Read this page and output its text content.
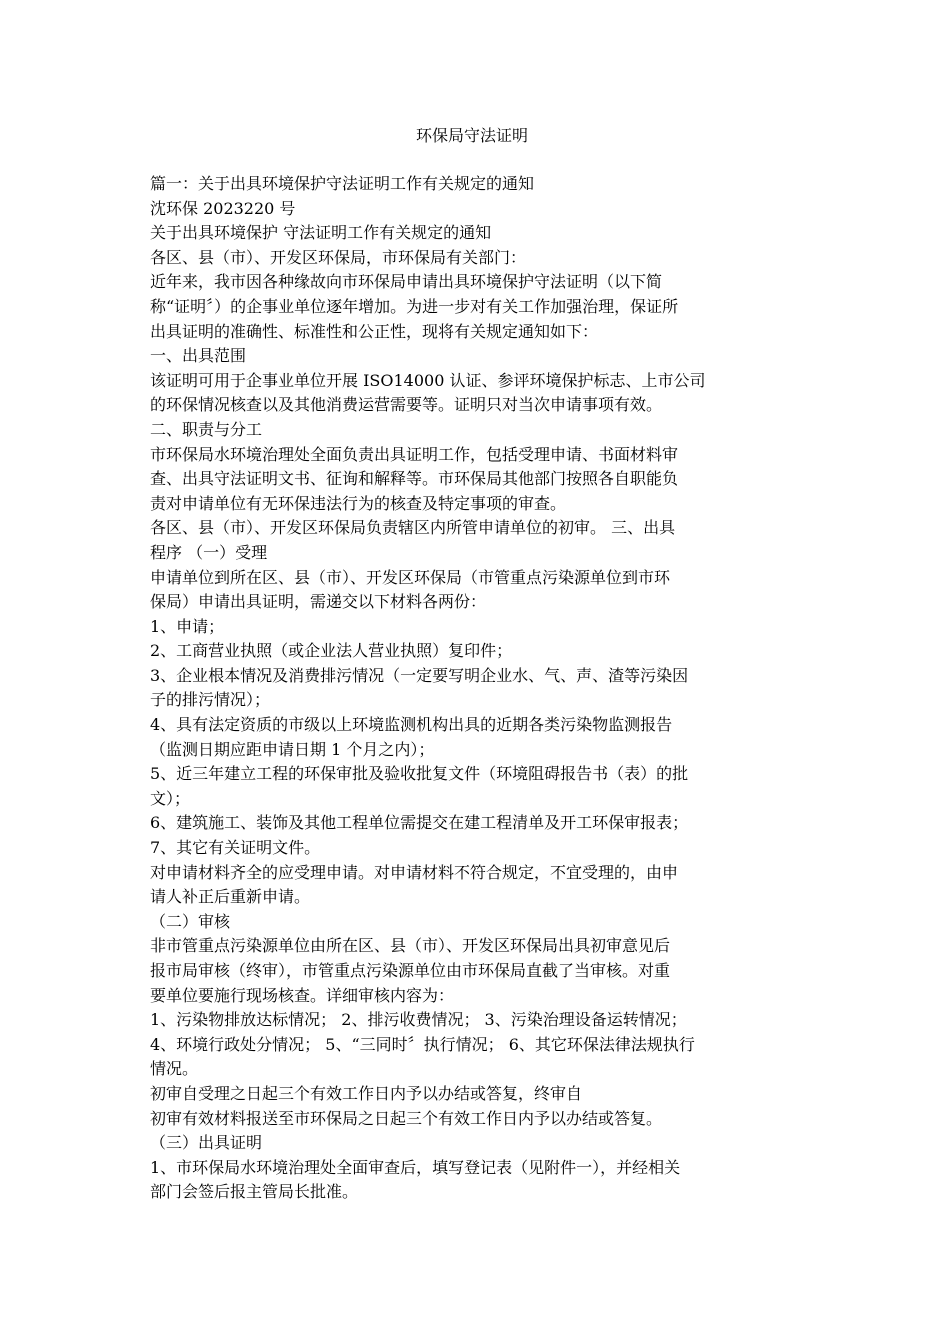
环保局守法证明

篇一：关于出具环境保护守法证明工作有关规定的通知

沈环保 2023220 号

关于出具环境保护 守法证明工作有关规定的通知

各区、县（市）、开发区环保局，市环保局有关部门：

近年来，我市因各种缘故向市环保局申请出具环境保护守法证明（以下简

称“证明〞）的企事业单位逐年增加。为进一步对有关工作加强治理，保证所

出具证明的准确性、标准性和公正性，现将有关规定通知如下：

一、出具范围

该证明可用于企事业单位开展 ISO14000 认证、参评环境保护标志、上市公司

的环保情况核查以及其他消费运营需要等。证明只对当次申请事项有效。

二、职责与分工

市环保局水环境治理处全面负责出具证明工作，包括受理申请、书面材料审

查、出具守法证明文书、征询和解释等。市环保局其他部门按照各自职能负

责对申请单位有无环保违法行为的核查及特定事项的审查。

各区、县（市）、开发区环保局负责辖区内所管申请单位的初审。 三、出具

程序 （一）受理

申请单位到所在区、县（市）、开发区环保局（市管重点污染源单位到市环

保局）申请出具证明，需递交以下材料各两份：

1、申请；

2、工商营业执照（或企业法人营业执照）复印件；

3、企业根本情况及消费排污情况（一定要写明企业水、气、声、渣等污染因

子的排污情况）；

4、具有法定资质的市级以上环境监测机构出具的近期各类污染物监测报告

（监测日期应距申请日期 1 个月之内）；

5、近三年建立工程的环保审批及验收批复文件（环境阻碍报告书（表）的批

文）；

6、建筑施工、装饰及其他工程单位需提交在建工程清单及开工环保审报表；

7、其它有关证明文件。

对申请材料齐全的应受理申请。对申请材料不符合规定，不宜受理的，由申

请人补正后重新申请。

（二）审核

非市管重点污染源单位由所在区、县（市）、开发区环保局出具初审意见后

报市局审核（终审），市管重点污染源单位由市环保局直截了当审核。对重

要单位要施行现场核查。详细审核内容为：

1、污染物排放达标情况； 2、排污收费情况； 3、污染治理设备运转情况；

4、环境行政处分情况； 5、“三同时〞执行情况； 6、其它环保法律法规执行

情况。

初审自受理之日起三个有效工作日内予以办结或答复，终审自

初审有效材料报送至市环保局之日起三个有效工作日内予以办结或答复。

（三）出具证明

1、市环保局水环境治理处全面审查后，填写登记表（见附件一），并经相关

部门会签后报主管局长批准。
